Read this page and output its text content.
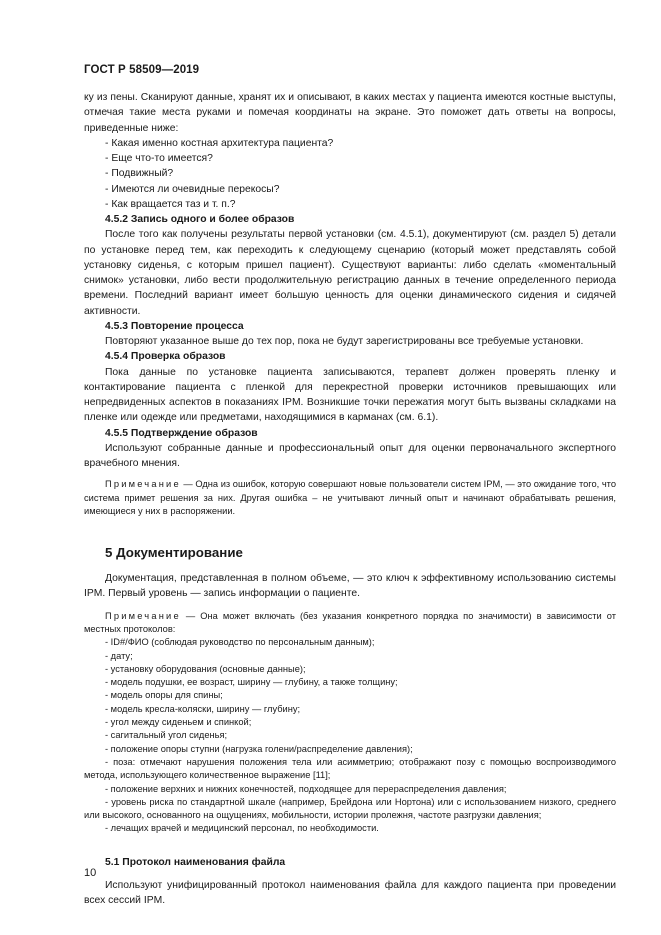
ГОСТ Р 58509—2019

ку из пены. Сканируют данные, хранят их и описывают, в каких местах у пациента имеются костные выступы, отмечая такие места руками и помечая координаты на экране. Это поможет дать ответы на вопросы, приведенные ниже:

- Какая именно костная архитектура пациента?

- Еще что-то имеется?

- Подвижный?

- Имеются ли очевидные перекосы?

- Как вращается таз и т. п.?

4.5.2 Запись одного и более образов

После того как получены результаты первой установки (см. 4.5.1), документируют (см. раздел 5) детали по установке перед тем, как переходить к следующему сценарию (который может представлять собой установку сиденья, с которым пришел пациент). Существуют варианты: либо сделать «моментальный снимок» установки, либо вести продолжительную регистрацию данных в течение определенного периода времени. Последний вариант имеет большую ценность для оценки динамического сидения и сидячей активности.

4.5.3 Повторение процесса

Повторяют указанное выше до тех пор, пока не будут зарегистрированы все требуемые установки.

4.5.4 Проверка образов

Пока данные по установке пациента записываются, терапевт должен проверять пленку и контактирование пациента с пленкой для перекрестной проверки источников превышающих или непредвиденных аспектов в показаниях IPM. Возникшие точки пережатия могут быть вызваны складками на пленке или одежде или предметами, находящимися в карманах (см. 6.1).

4.5.5 Подтверждение образов

Используют собранные данные и профессиональный опыт для оценки первоначального экспертного врачебного мнения.

Примечание — Одна из ошибок, которую совершают новые пользователи систем IPM, — это ожидание того, что система примет решения за них. Другая ошибка – не учитывают личный опыт и начинают обрабатывать решения, имеющиеся у них в распоряжении.

5 Документирование

Документация, представленная в полном объеме, — это ключ к эффективному использованию системы IPM. Первый уровень — запись информации о пациенте.

Примечание — Она может включать (без указания конкретного порядка по значимости) в зависимости от местных протоколов:

- ID#/ФИО (соблюдая руководство по персональным данным);

- дату;

- установку оборудования (основные данные);

- модель подушки, ее возраст, ширину — глубину, а также толщину;

- модель опоры для спины;

- модель кресла-коляски, ширину — глубину;

- угол между сиденьем и спинкой;

- сагитальный угол сиденья;

- положение опоры ступни (нагрузка голени/распределение давления);

- поза: отмечают нарушения положения тела или асимметрию; отображают позу с помощью воспроизводимого метода, использующего количественное выражение [11];

- положение верхних и нижних конечностей, подходящее для перераспределения давления;

- уровень риска по стандартной шкале (например, Брейдона или Нортона) или с использованием низкого, среднего или высокого, основанного на ощущениях, мобильности, истории пролежня, частоте разгрузки давления;

- лечащих врачей и медицинский персонал, по необходимости.

5.1 Протокол наименования файла

Используют унифицированный протокол наименования файла для каждого пациента при проведении всех сессий IPM.

10
